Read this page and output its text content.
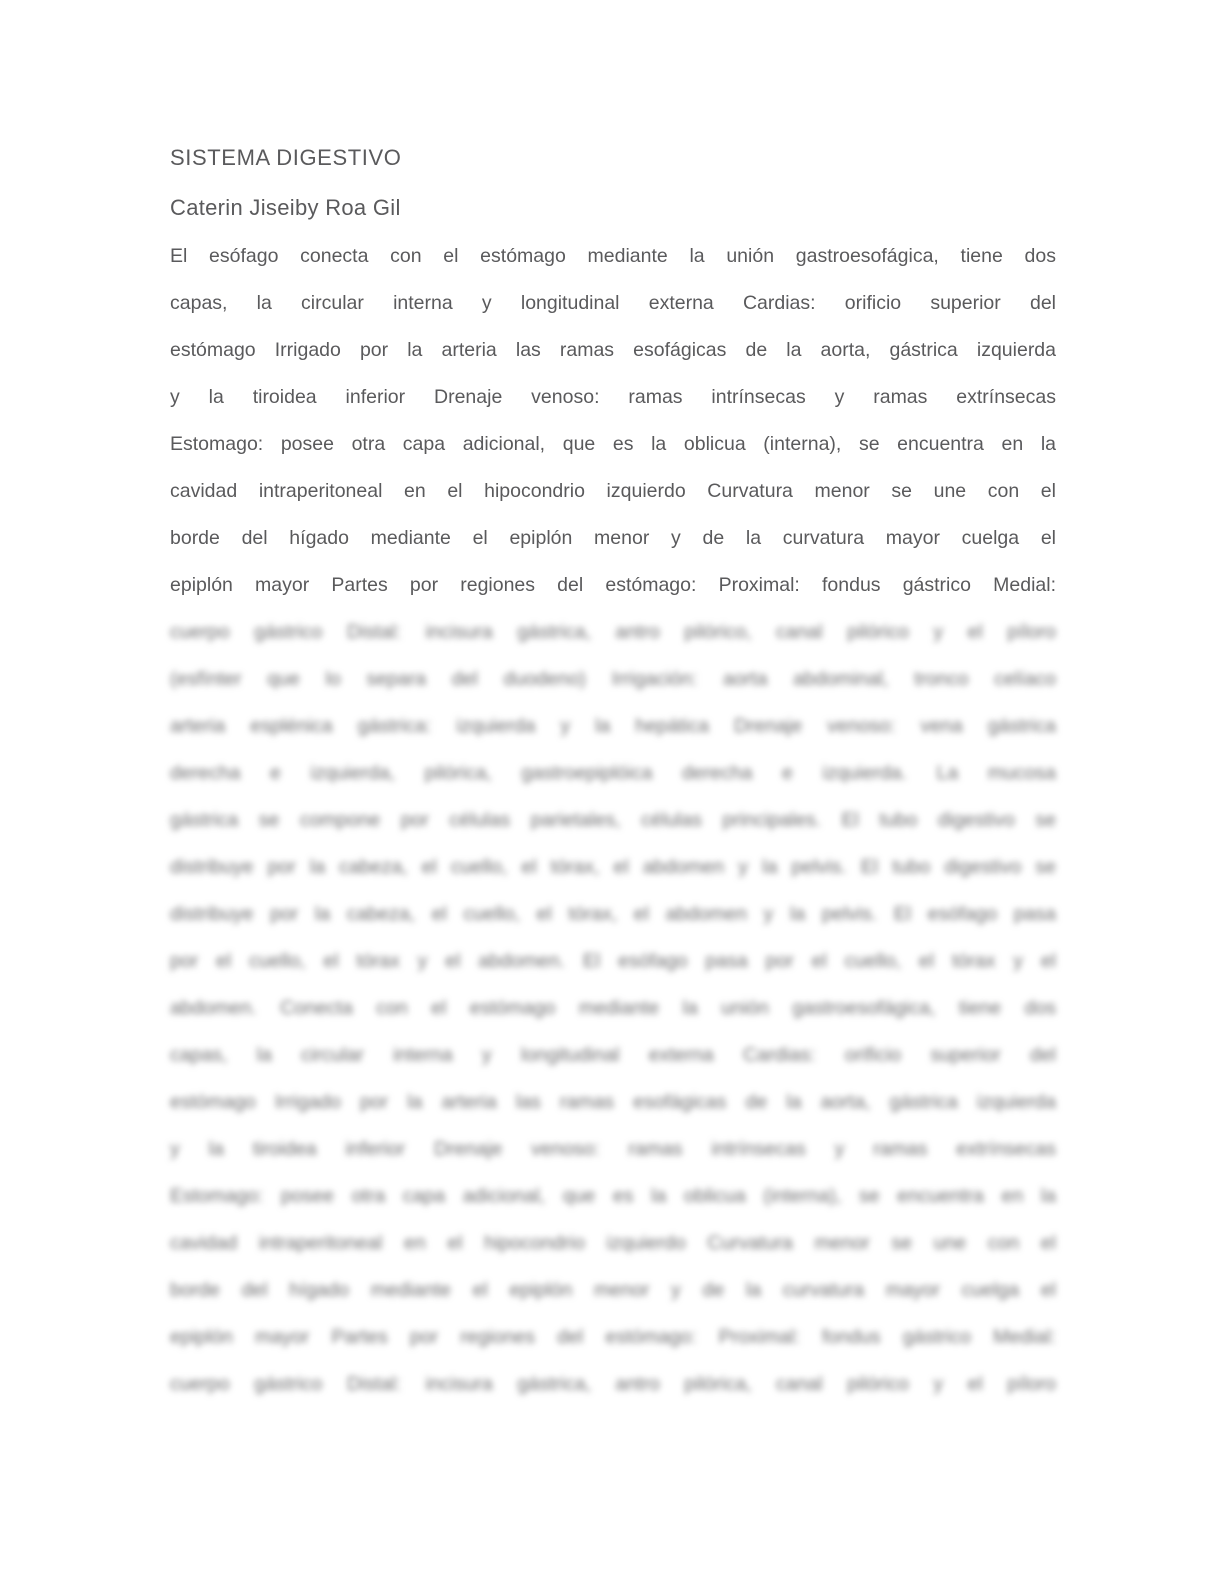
SISTEMA DIGESTIVO
Caterin Jiseiby Roa Gil
El esófago conecta con el estómago mediante la unión gastroesofágica, tiene dos
capas, la circular interna y longitudinal externa Cardias: orificio superior del
estómago Irrigado por la arteria las ramas esofágicas de la aorta, gástrica izquierda
y la tiroidea inferior Drenaje venoso: ramas intrínsecas y ramas extrínsecas
Estomago: posee otra capa adicional, que es la oblicua (interna), se encuentra en la
cavidad intraperitoneal en el hipocondrio izquierdo Curvatura menor se une con el
borde del hígado mediante el epiplón menor y de la curvatura mayor cuelga el
epiplón mayor Partes por regiones del estómago: Proximal: fondus gástrico Medial:
cuerpo gástrico Distal: incisura gástrica, antro pilórico, canal pilórico y el píloro
(esfínter que lo separa del duodeno) Irrigación: aorta abdominal, tronco celíaco
arteria esplénica gástrica: izquierda y la hepática Drenaje venoso: vena gástrica
derecha e izquierda, pilórica, gastroepiplóica derecha e izquierda. La mucosa
gástrica se compone por células parietales, células principales. El tubo digestivo se
distribuye por la cabeza, el cuello, el tórax, el abdomen y la pelvis. El tubo digestivo se
distribuye por la cabeza, el cuello, el tórax, el abdomen y la pelvis. El esófago pasa
por el cuello, el tórax y el abdomen. El esófago pasa por el cuello, el tórax y el
abdomen. Conecta con el estómago mediante la unión gastroesofágica, tiene dos
capas, la circular interna y longitudinal externa Cardias: orificio superior del
estómago Irrigado por la arteria las ramas esofágicas de la aorta, gástrica izquierda
y la tiroidea inferior Drenaje venoso: ramas intrínsecas y ramas extrínsecas
Estomago: posee otra capa adicional, que es la oblicua (interna), se encuentra en la
cavidad intraperitoneal en el hipocondrio izquierdo Curvatura menor se une con el
borde del hígado mediante el epiplón menor y de la curvatura mayor cuelga el
epiplón mayor Partes por regiones del estómago: Proximal: fondus gástrico Medial:
cuerpo gástrico Distal: incisura gástrica, antro pilórica, canal pilórico y el píloro
